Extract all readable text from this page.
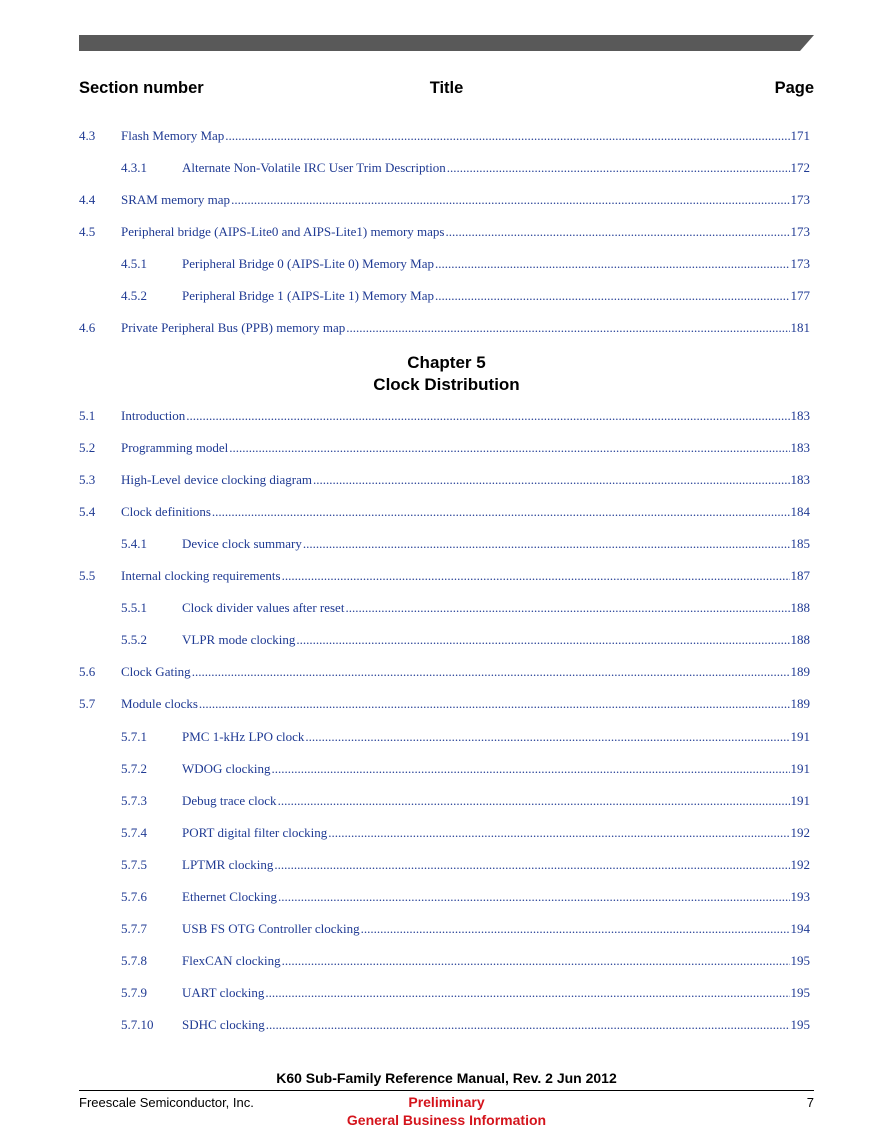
Section number	Title	Page
4.3 Flash Memory Map .....	171
4.3.1	Alternate Non-Volatile IRC User Trim Description .....	172
4.4 SRAM memory map .....	173
4.5 Peripheral bridge (AIPS-Lite0 and AIPS-Lite1) memory maps .....	173
4.5.1	Peripheral Bridge 0 (AIPS-Lite 0) Memory Map .....	173
4.5.2	Peripheral Bridge 1 (AIPS-Lite 1) Memory Map .....	177
4.6 Private Peripheral Bus (PPB) memory map .....	181
Chapter 5
Clock Distribution
5.1 Introduction .....	183
5.2 Programming model .....	183
5.3 High-Level device clocking diagram .....	183
5.4 Clock definitions .....	184
5.4.1	Device clock summary .....	185
5.5 Internal clocking requirements .....	187
5.5.1	Clock divider values after reset .....	188
5.5.2	VLPR mode clocking .....	188
5.6 Clock Gating .....	189
5.7 Module clocks .....	189
5.7.1	PMC 1-kHz LPO clock .....	191
5.7.2	WDOG clocking .....	191
5.7.3	Debug trace clock .....	191
5.7.4	PORT digital filter clocking .....	192
5.7.5	LPTMR clocking .....	192
5.7.6	Ethernet Clocking .....	193
5.7.7	USB FS OTG Controller clocking .....	194
5.7.8	FlexCAN clocking .....	195
5.7.9	UART clocking .....	195
5.7.10 SDHC clocking .....	195
K60 Sub-Family Reference Manual, Rev. 2 Jun 2012
Freescale Semiconductor, Inc.	7
Preliminary
General Business Information
